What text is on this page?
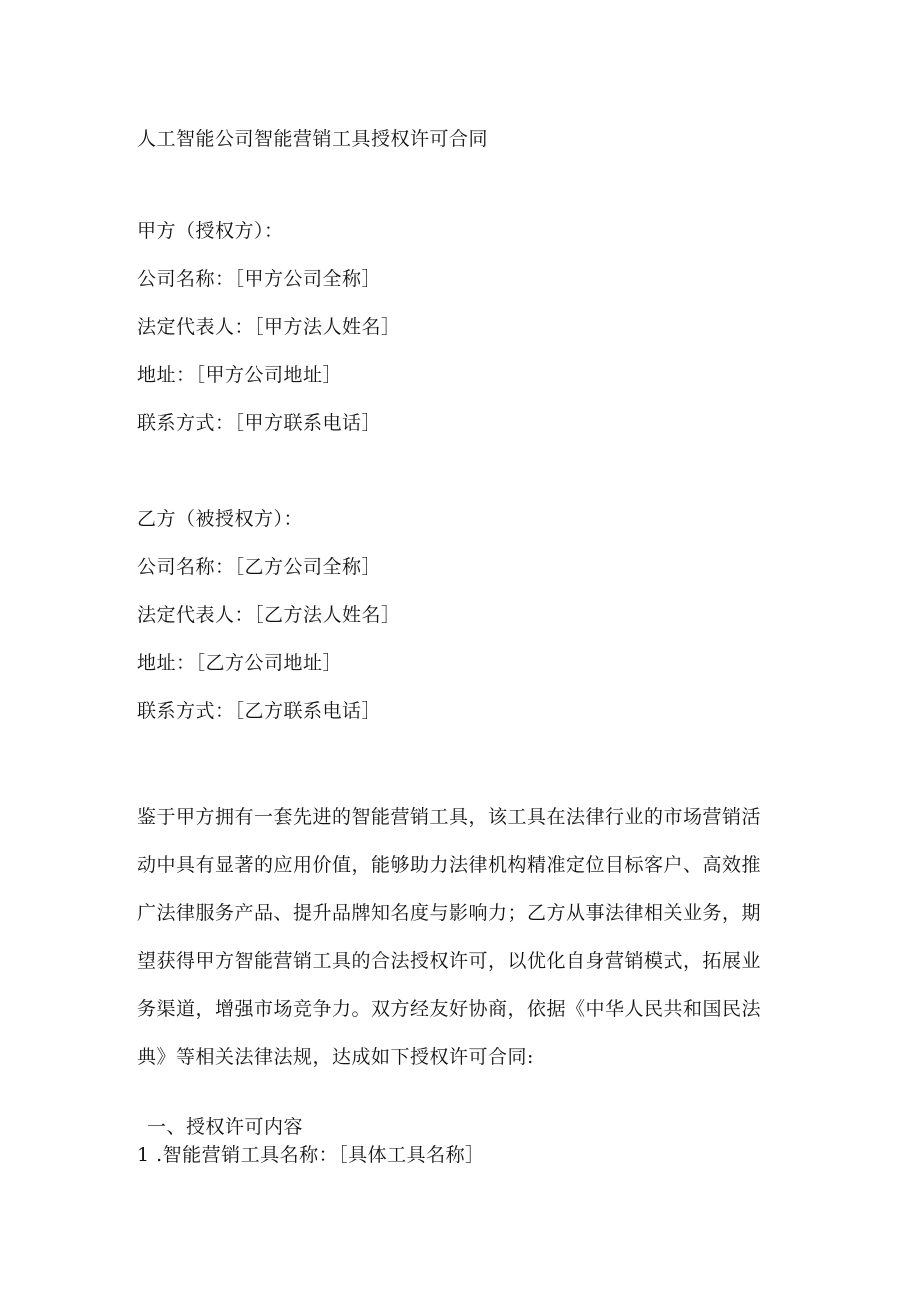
人工智能公司智能营销工具授权许可合同
甲方（授权方）：
公司名称：［甲方公司全称］
法定代表人：［甲方法人姓名］
地址：［甲方公司地址］
联系方式：［甲方联系电话］
乙方（被授权方）：
公司名称：［乙方公司全称］
法定代表人：［乙方法人姓名］
地址：［乙方公司地址］
联系方式：［乙方联系电话］
鉴于甲方拥有一套先进的智能营销工具，该工具在法律行业的市场营销活
动中具有显著的应用价值，能够助力法律机构精准定位目标客户、高效推
广法律服务产品、提升品牌知名度与影响力；乙方从事法律相关业务，期
望获得甲方智能营销工具的合法授权许可，以优化自身营销模式，拓展业
务渠道，增强市场竞争力。双方经友好协商，依据《中华人民共和国民法
典》等相关法律法规，达成如下授权许可合同:
一、授权许可内容
1 .智能营销工具名称：［具体工具名称］
